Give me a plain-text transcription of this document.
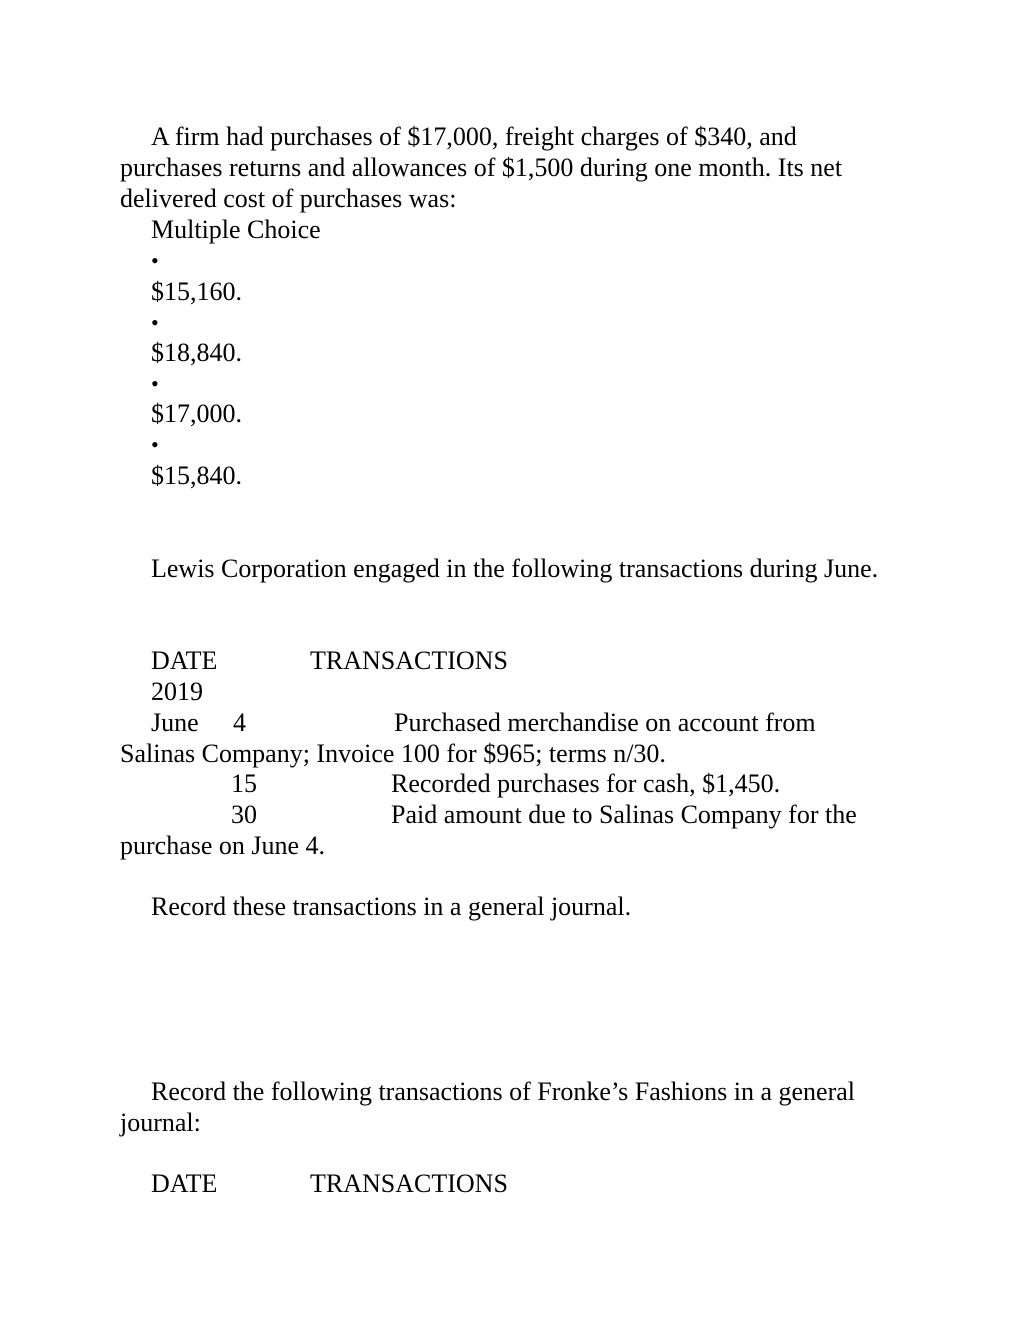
A firm had purchases of $17,000, freight charges of $340, and
purchases returns and allowances of $1,500 during one month. Its net
delivered cost of purchases was:
Multiple Choice
•
$15,160.
•
$18,840.
•
$17,000.
•
$15,840.
Lewis Corporation engaged in the following transactions during June.
DATE	TRANSACTIONS
2019
June 4	Purchased merchandise on account from
Salinas Company; Invoice 100 for $965; terms n/30.
15	Recorded purchases for cash, $1,450.
30	Paid amount due to Salinas Company for the
purchase on June 4.
Record these transactions in a general journal.
Record the following transactions of Fronke’s Fashions in a general
journal:
DATE	TRANSACTIONS
